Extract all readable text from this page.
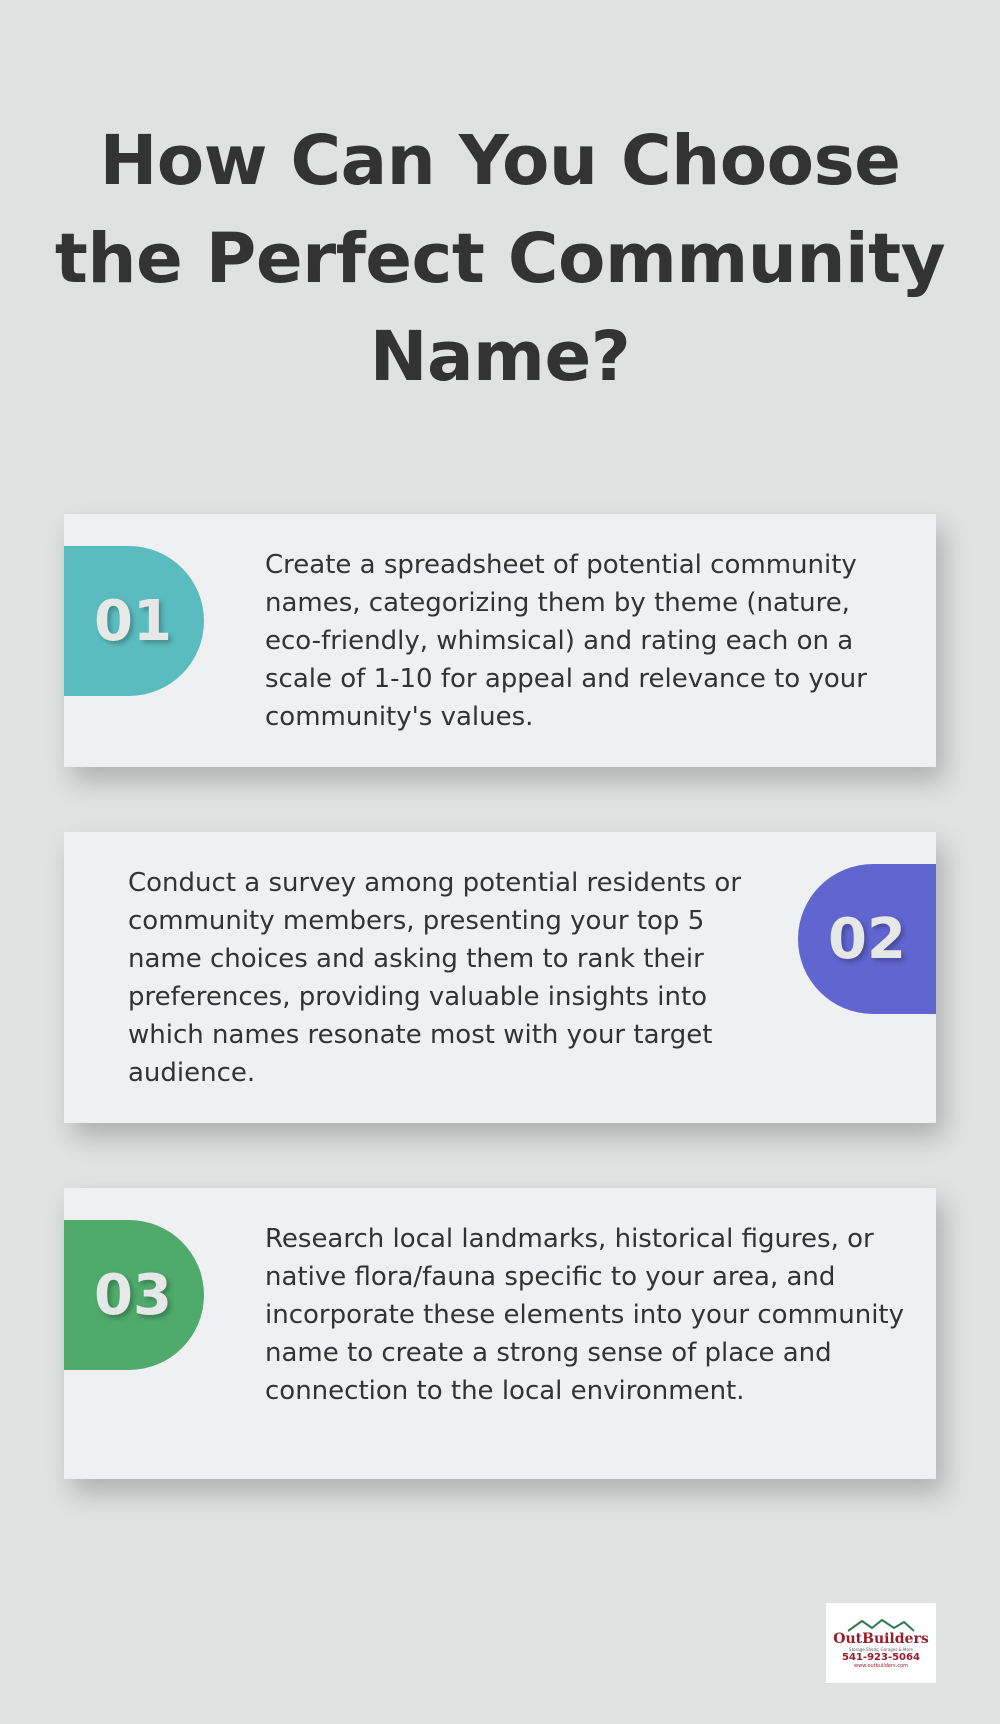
How Can You Choose the Perfect Community Name?
01

Create a spreadsheet of potential community names, categorizing them by theme (nature, eco-friendly, whimsical) and rating each on a scale of 1-10 for appeal and relevance to your community's values.

02

Conduct a survey among potential residents or community members, presenting your top 5 name choices and asking them to rank their preferences, providing valuable insights into which names resonate most with your target audience.

03

Research local landmarks, historical figures, or native flora/fauna specific to your area, and incorporate these elements into your community name to create a strong sense of place and connection to the local environment.

OutBuilders
Storage Sheds, Garages & More
541-923-5064
www.outbuilders.com
